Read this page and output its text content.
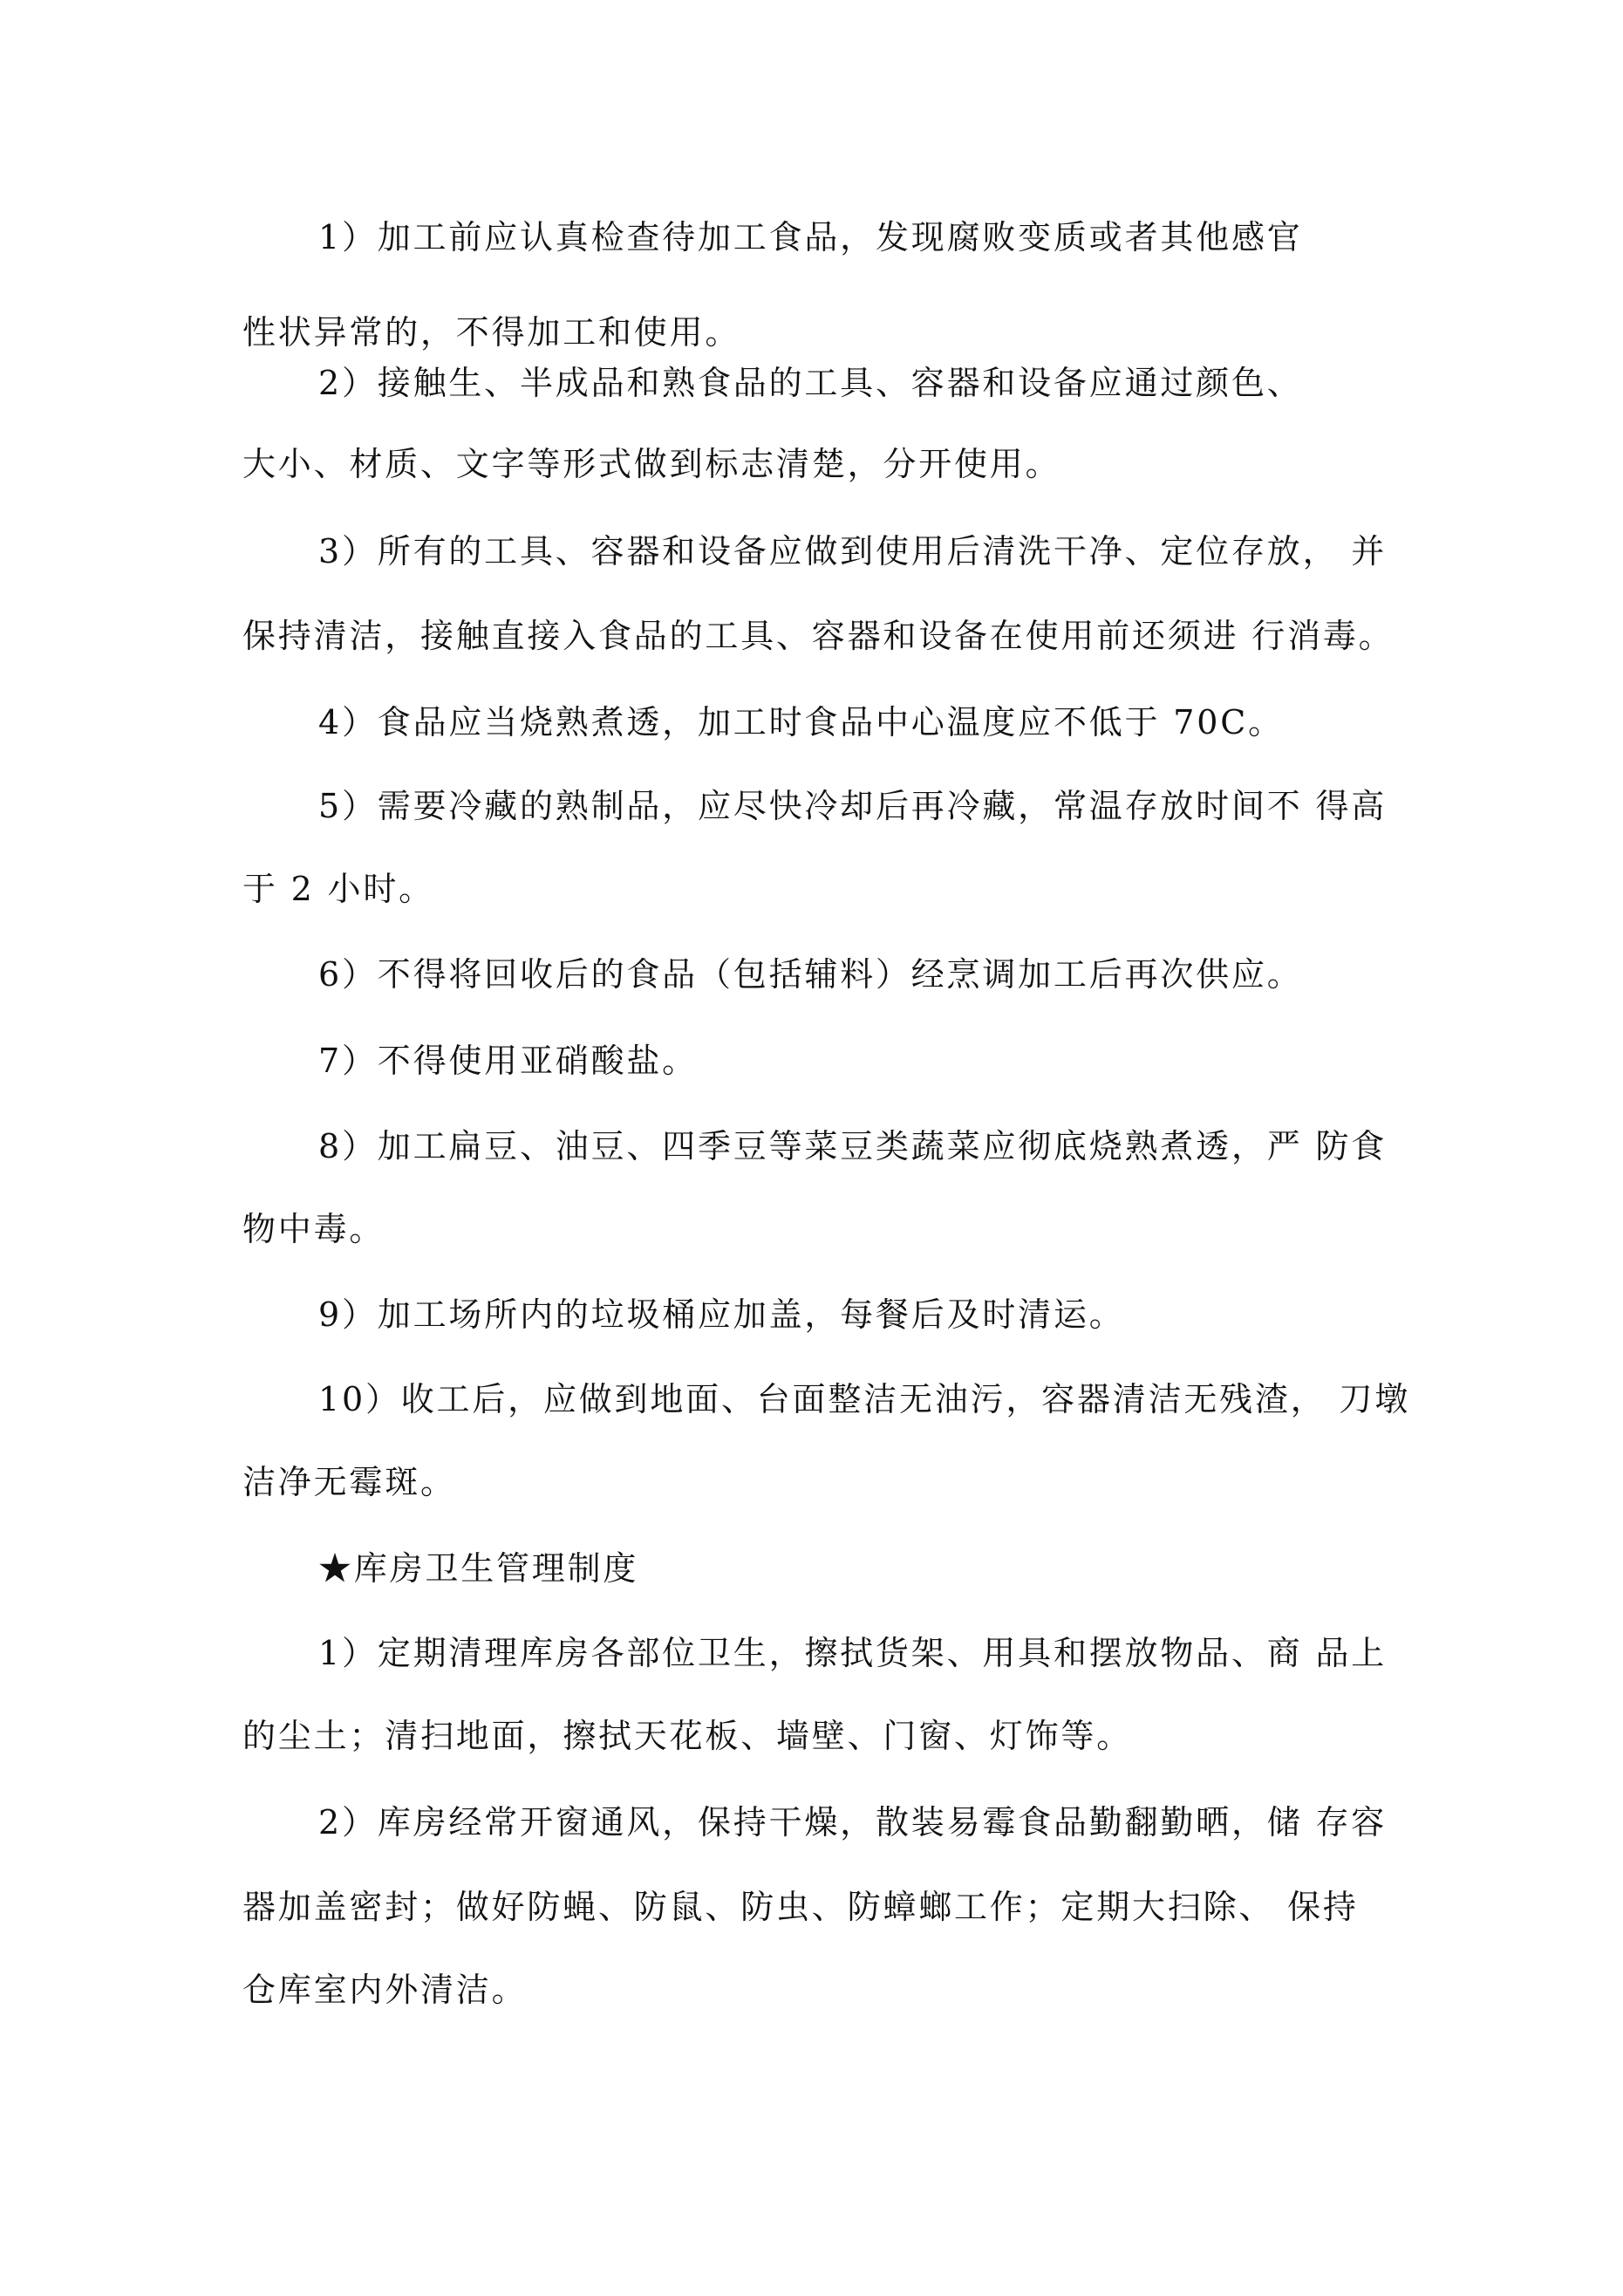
1）加工前应认真检查待加工食品，发现腐败变质或者其他感官
性状异常的，不得加工和使用。
2）接触生、半成品和熟食品的工具、容器和设备应通过颜色、
大小、材质、文字等形式做到标志清楚，分开使用。
3）所有的工具、容器和设备应做到使用后清洗干净、定位存放， 并
保持清洁，接触直接入食品的工具、容器和设备在使用前还须进 行消毒。
4）食品应当烧熟煮透，加工时食品中心温度应不低于 70C。
5）需要冷藏的熟制品，应尽快冷却后再冷藏，常温存放时间不 得高
于 2 小时。
6）不得将回收后的食品（包括辅料）经烹调加工后再次供应。
7）不得使用亚硝酸盐。
8）加工扁豆、油豆、四季豆等菜豆类蔬菜应彻底烧熟煮透，严 防食
物中毒。
9）加工场所内的垃圾桶应加盖，每餐后及时清运。
10）收工后，应做到地面、台面整洁无油污，容器清洁无残渣， 刀墩
洁净无霉斑。
★库房卫生管理制度
1）定期清理库房各部位卫生，擦拭货架、用具和摆放物品、商 品上
的尘土；清扫地面，擦拭天花板、墙壁、门窗、灯饰等。
2）库房经常开窗通风，保持干燥，散装易霉食品勤翻勤晒，储 存容
器加盖密封；做好防蝇、防鼠、防虫、防蟑螂工作；定期大扫除、 保持
仓库室内外清洁。
